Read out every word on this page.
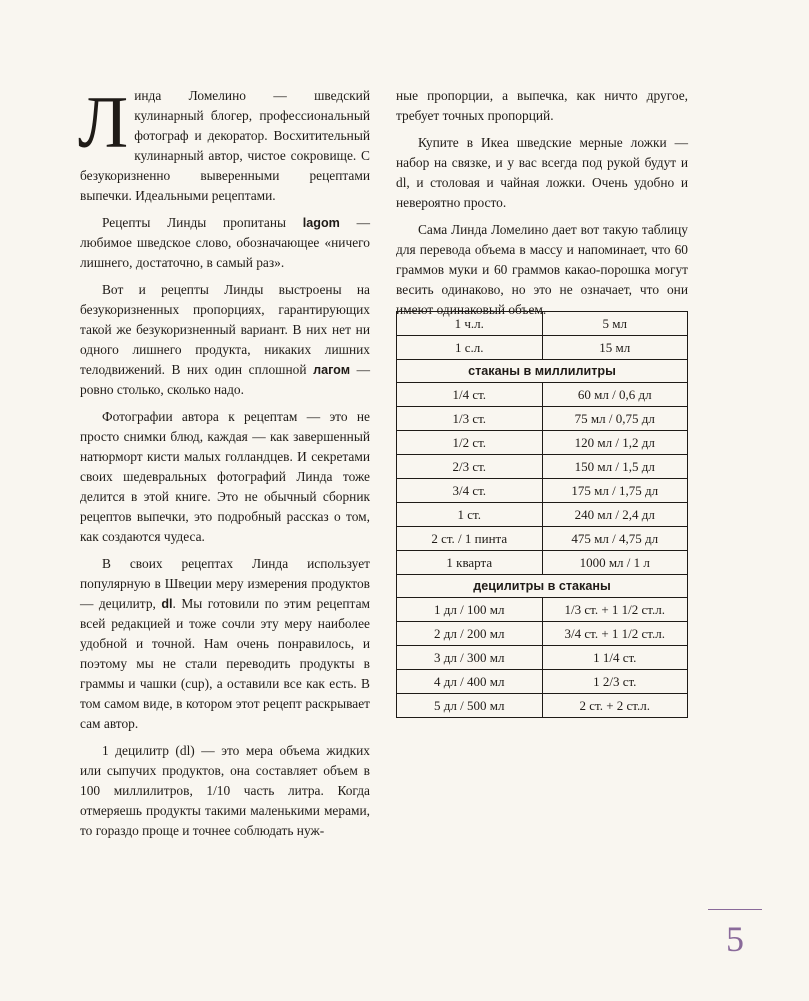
Линда Ломелино — шведский кулинарный блогер, профессиональный фотограф и декоратор. Восхитительный кулинарный автор, чистое сокровище. С безукоризненно выверенными рецептами выпечки. Идеальными рецептами.

Рецепты Линды пропитаны lagom — любимое шведское слово, обозначающее «ничего лишнего, достаточно, в самый раз».

Вот и рецепты Линды выстроены на безукоризненных пропорциях, гарантирующих такой же безукоризненный вариант. В них нет ни одного лишнего продукта, никаких лишних телодвижений. В них один сплошной лагом — ровно столько, сколько надо.

Фотографии автора к рецептам — это не просто снимки блюд, каждая — как завершенный натюрморт кисти малых голландцев. И секретами своих шедевральных фотографий Линда тоже делится в этой книге. Это не обычный сборник рецептов выпечки, это подробный рассказ о том, как создаются чудеса.

В своих рецептах Линда использует популярную в Швеции меру измерения продуктов — децилитр, dl. Мы готовили по этим рецептам всей редакцией и тоже сочли эту меру наиболее удобной и точной. Нам очень понравилось, и поэтому мы не стали переводить продукты в граммы и чашки (cup), а оставили все как есть. В том самом виде, в котором этот рецепт раскрывает сам автор.

1 децилитр (dl) — это мера объема жидких или сыпучих продуктов, она составляет объем в 100 миллилитров, 1/10 часть литра. Когда отмеряешь продукты такими маленькими мерами, то гораздо проще и точнее соблюдать нуж-

ные пропорции, а выпечка, как ничто другое, требует точных пропорций.

Купите в Икеа шведские мерные ложки — набор на связке, и у вас всегда под рукой будут и dl, и столовая и чайная ложки. Очень удобно и невероятно просто.

Сама Линда Ломелино дает вот такую таблицу для перевода объема в массу и напоминает, что 60 граммов муки и 60 граммов какао-порошка могут весить одинаково, но это не означает, что они имеют одинаковый объем.

1 ч.л.	5 мл
1 с.л.	15 мл
стаканы в миллилитры	
1/4 ст.	60 мл / 0,6 дл
1/3 ст.	75 мл / 0,75 дл
1/2 ст.	120 мл / 1,2 дл
2/3 ст.	150 мл / 1,5 дл
3/4 ст.	175 мл / 1,75 дл
1 ст.	240 мл / 2,4 дл
2 ст. / 1 пинта	475 мл / 4,75 дл
1 кварта	1000 мл / 1 л
децилитры в стаканы	
1 дл / 100 мл	1/3 ст. + 1 1/2 ст.л.
2 дл / 200 мл	3/4 ст. + 1 1/2 ст.л.
3 дл / 300 мл	1 1/4 ст.
4 дл / 400 мл	1 2/3 ст.
5 дл / 500 мл	2 ст. + 2 ст.л.
5
